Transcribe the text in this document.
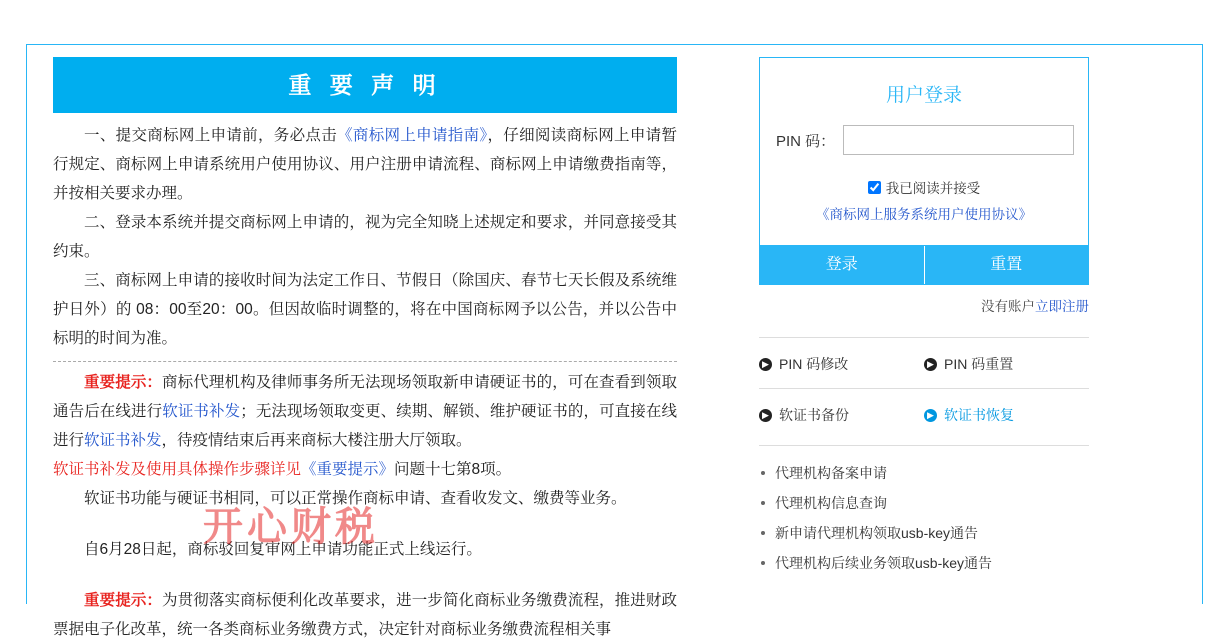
重 要 声 明

一、提交商标网上申请前，务必点击《商标网上申请指南》，仔细阅读商标网上申请暂行规定、商标网上申请系统用户使用协议、用户注册申请流程、商标网上申请缴费指南等，并按相关要求办理。

二、登录本系统并提交商标网上申请的，视为完全知晓上述规定和要求，并同意接受其约束。

三、商标网上申请的接收时间为法定工作日、节假日（除国庆、春节七天长假及系统维护日外）的 08：00至20：00。但因故临时调整的，将在中国商标网予以公告，并以公告中标明的时间为准。

重要提示：商标代理机构及律师事务所无法现场领取新申请硬证书的，可在查看到领取通告后在线进行软证书补发；无法现场领取变更、续期、解锁、维护硬证书的，可直接在线进行软证书补发，待疫情结束后再来商标大楼注册大厅领取。

软证书补发及使用具体操作步骤详见《重要提示》问题十七第8项。

软证书功能与硬证书相同，可以正常操作商标申请、查看收发文、缴费等业务。

自6月28日起，商标驳回复审网上申请功能正式上线运行。

重要提示：为贯彻落实商标便利化改革要求，进一步简化商标业务缴费流程，推进财政票据电子化改革，统一各类商标业务缴费方式，决定针对商标业务缴费流程相关事

开心财税
用户登录
PIN 码：
我已阅读并接受
《商标网上服务系统用户使用协议》
登录	重置
没有账户立即注册
▶ PIN 码修改	▶ PIN 码重置
▶ 软证书备份	▶ 软证书恢复
代理机构备案申请
代理机构信息查询
新申请代理机构领取usb-key通告
代理机构后续业务领取usb-key通告
